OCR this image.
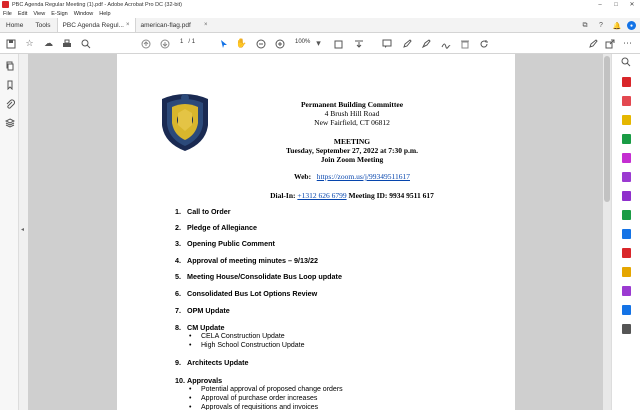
PBC Agenda Regular Meeting (1).pdf - Adobe Acrobat Pro DC (32-bit)	–	□	✕
File Edit View E-Sign Window Help
Home	Tools	PBC Agenda Regul... × american-flag.pdf ×	⧉	?	🔔	●
☆ ☁	1 / 1	✋	100% ▾	⋯
◂
Permanent Building Committee
4 Brush Hill Road
New Fairfield, CT 06812
MEETING
Tuesday, September 27, 2022 at 7:30 p.m.
Join Zoom Meeting
Web: https://zoom.us/j/99349511617
Dial-In: +1312 626 6799 Meeting ID: 9934 9511 617
1. Call to Order
2. Pledge of Allegiance
3. Opening Public Comment
4. Approval of meeting minutes – 9/13/22
5. Meeting House/Consolidate Bus Loop update
6. Consolidated Bus Lot Options Review
7. OPM Update
8. CM Update
• CELA Construction Update
• High School Construction Update
9. Architects Update
10. Approvals
• Potential approval of proposed change orders
• Approval of purchase order increases
• Approvals of requisitions and invoices
